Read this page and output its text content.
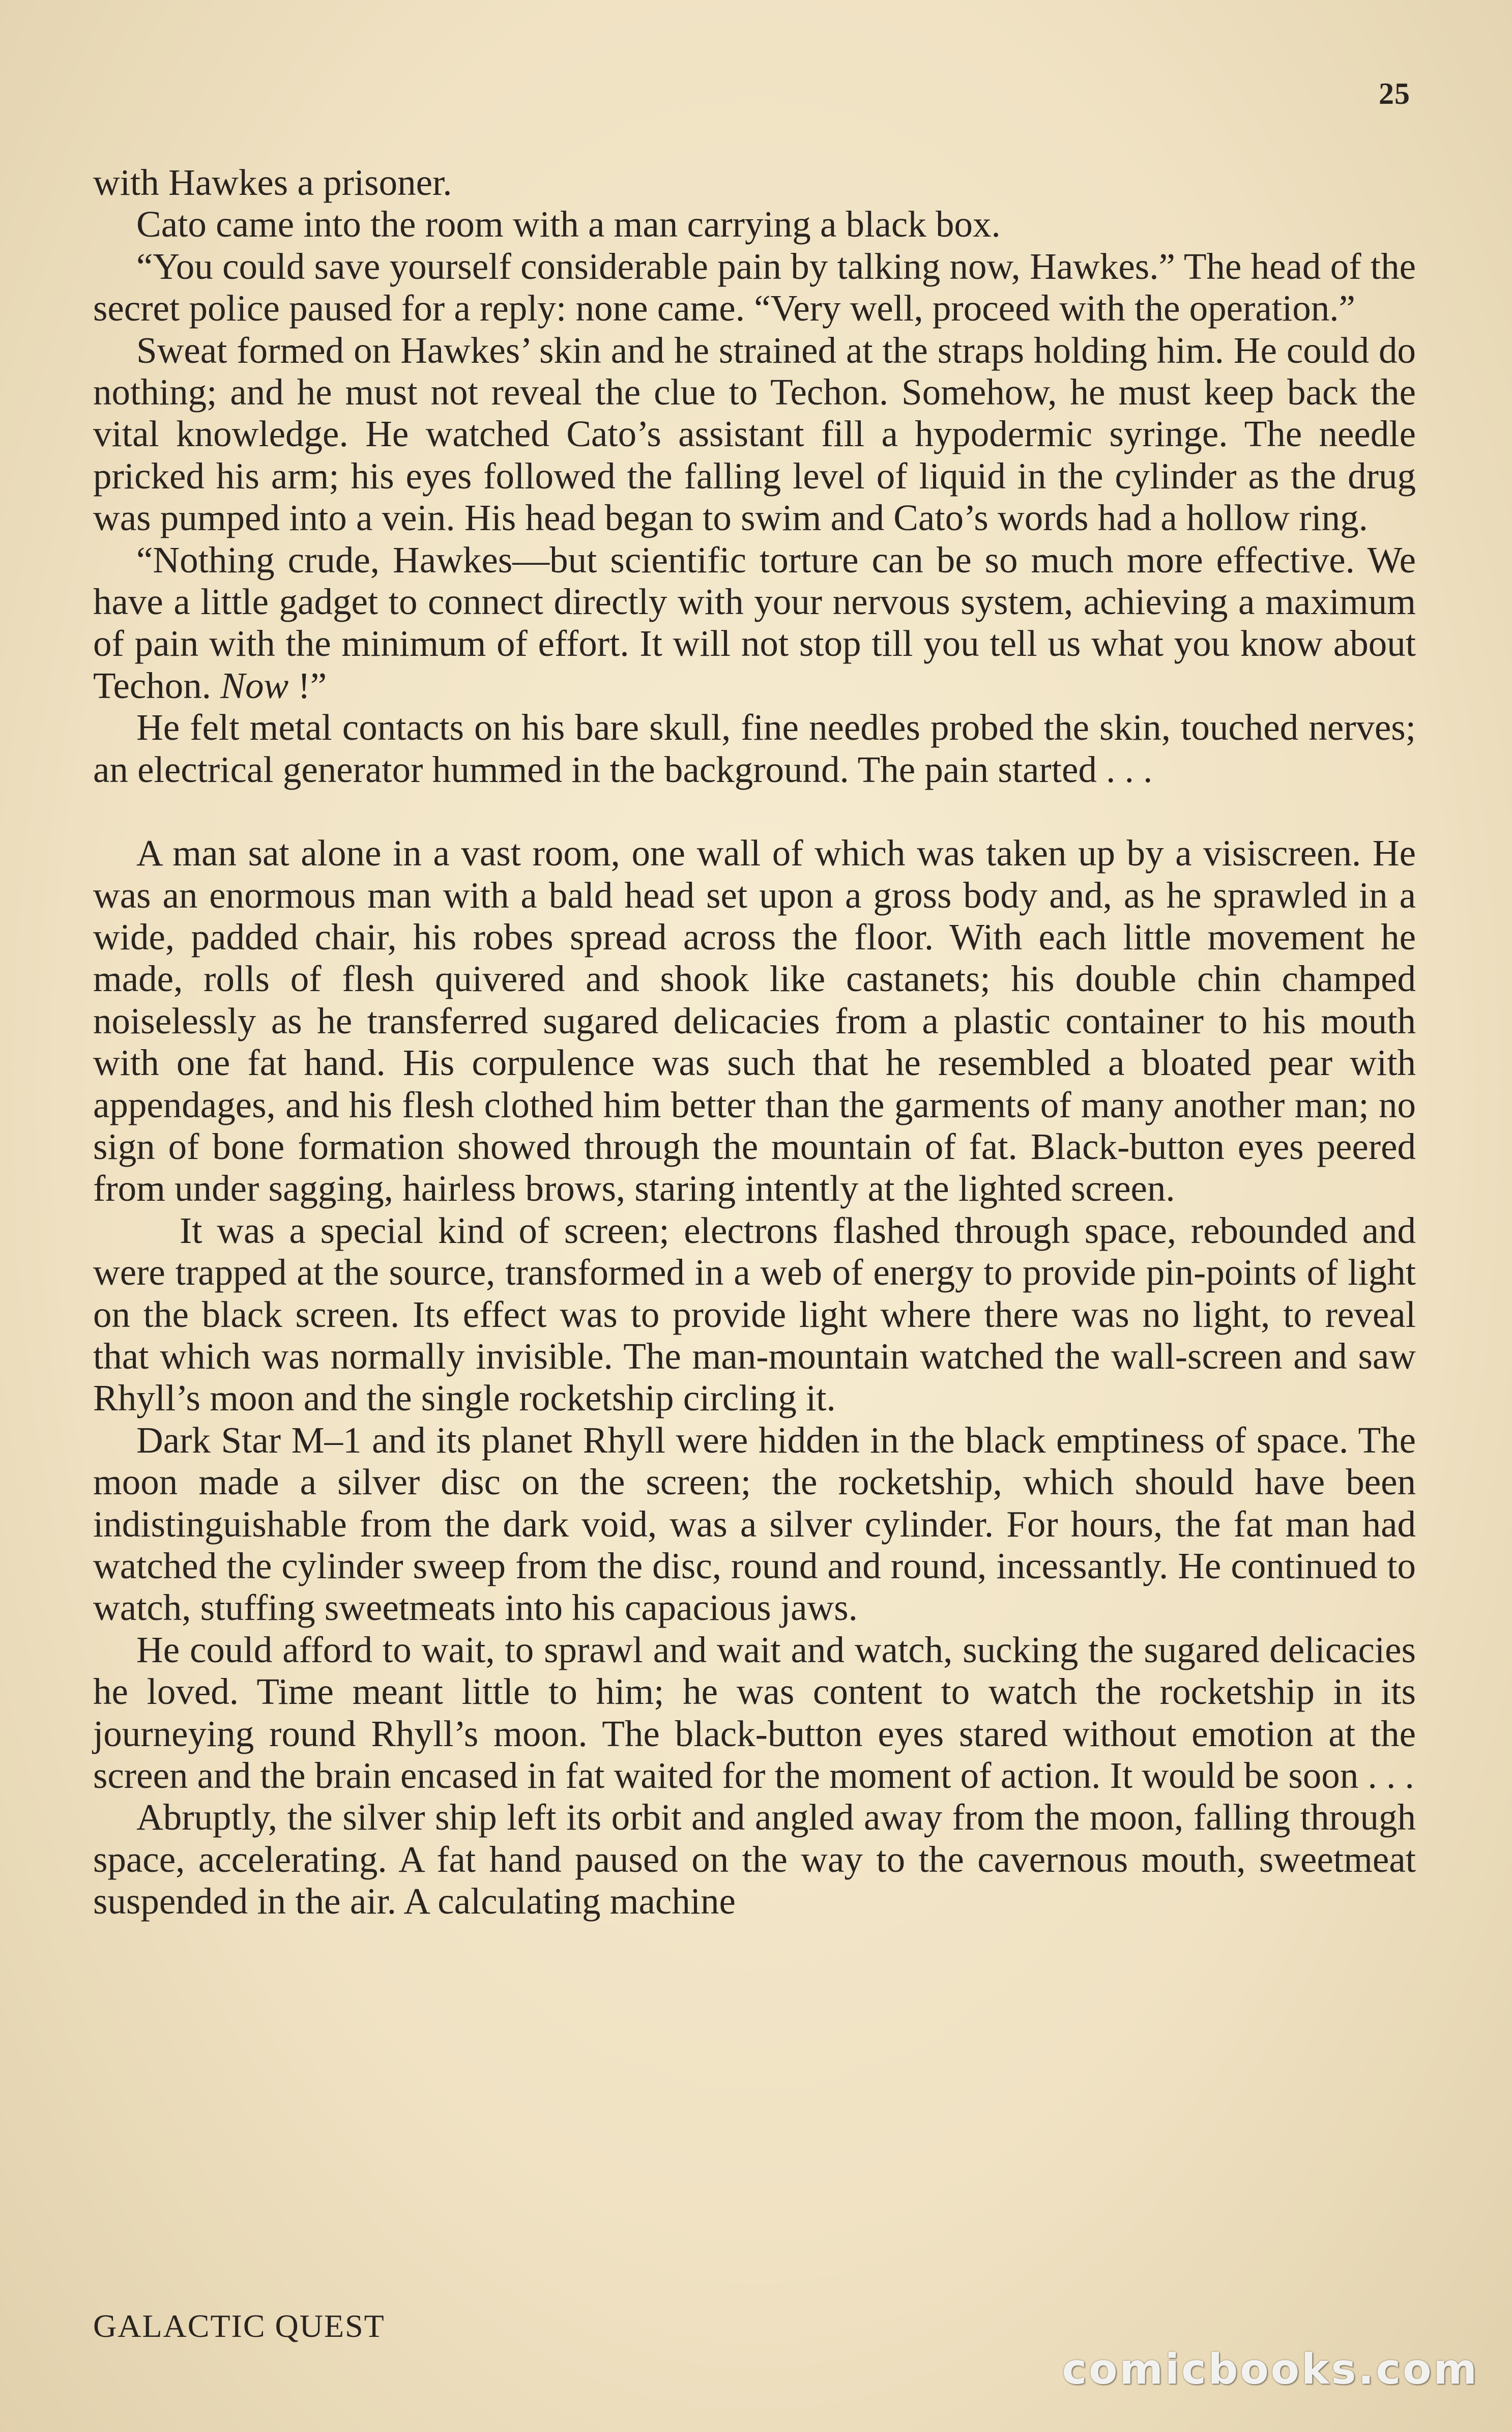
25

with Hawkes a prisoner.

Cato came into the room with a man carrying a black box.

“You could save yourself considerable pain by talking now, Hawkes.” The head of the secret police paused for a reply: none came. “Very well, proceed with the operation.”

Sweat formed on Hawkes’ skin and he strained at the straps holding him. He could do nothing; and he must not reveal the clue to Techon. Somehow, he must keep back the vital knowledge. He watched Cato’s assistant fill a hypodermic syringe. The needle pricked his arm; his eyes followed the falling level of liquid in the cylinder as the drug was pumped into a vein. His head began to swim and Cato’s words had a hollow ring.

“Nothing crude, Hawkes—but scientific torture can be so much more effective. We have a little gadget to connect directly with your nervous system, achieving a maximum of pain with the minimum of effort. It will not stop till you tell us what you know about Techon. Now !”

He felt metal contacts on his bare skull, fine needles probed the skin, touched nerves; an electrical generator hummed in the background. The pain started . . .

A man sat alone in a vast room, one wall of which was taken up by a visiscreen. He was an enormous man with a bald head set upon a gross body and, as he sprawled in a wide, padded chair, his robes spread across the floor. With each little movement he made, rolls of flesh quivered and shook like castanets; his double chin champed noiselessly as he transferred sugared delicacies from a plastic container to his mouth with one fat hand. His corpulence was such that he resembled a bloated pear with appendages, and his flesh clothed him better than the garments of many another man; no sign of bone formation showed through the mountain of fat. Black-button eyes peered from under sagging, hairless brows, staring intently at the lighted screen.

It was a special kind of screen; electrons flashed through space, rebounded and were trapped at the source, transformed in a web of energy to provide pin-points of light on the black screen. Its effect was to provide light where there was no light, to reveal that which was normally invisible. The man-mountain watched the wall-screen and saw Rhyll’s moon and the single rocketship circling it.

Dark Star M–1 and its planet Rhyll were hidden in the black emptiness of space. The moon made a silver disc on the screen; the rocketship, which should have been indistinguishable from the dark void, was a silver cylinder. For hours, the fat man had watched the cylinder sweep from the disc, round and round, incessantly. He continued to watch, stuffing sweetmeats into his capacious jaws.

He could afford to wait, to sprawl and wait and watch, sucking the sugared delicacies he loved. Time meant little to him; he was content to watch the rocketship in its journeying round Rhyll’s moon. The black-button eyes stared without emotion at the screen and the brain encased in fat waited for the moment of action. It would be soon . . .

Abruptly, the silver ship left its orbit and angled away from the moon, falling through space, accelerating. A fat hand paused on the way to the cavernous mouth, sweetmeat suspended in the air. A calculating machine

GALACTIC QUEST
comicbooks.com
